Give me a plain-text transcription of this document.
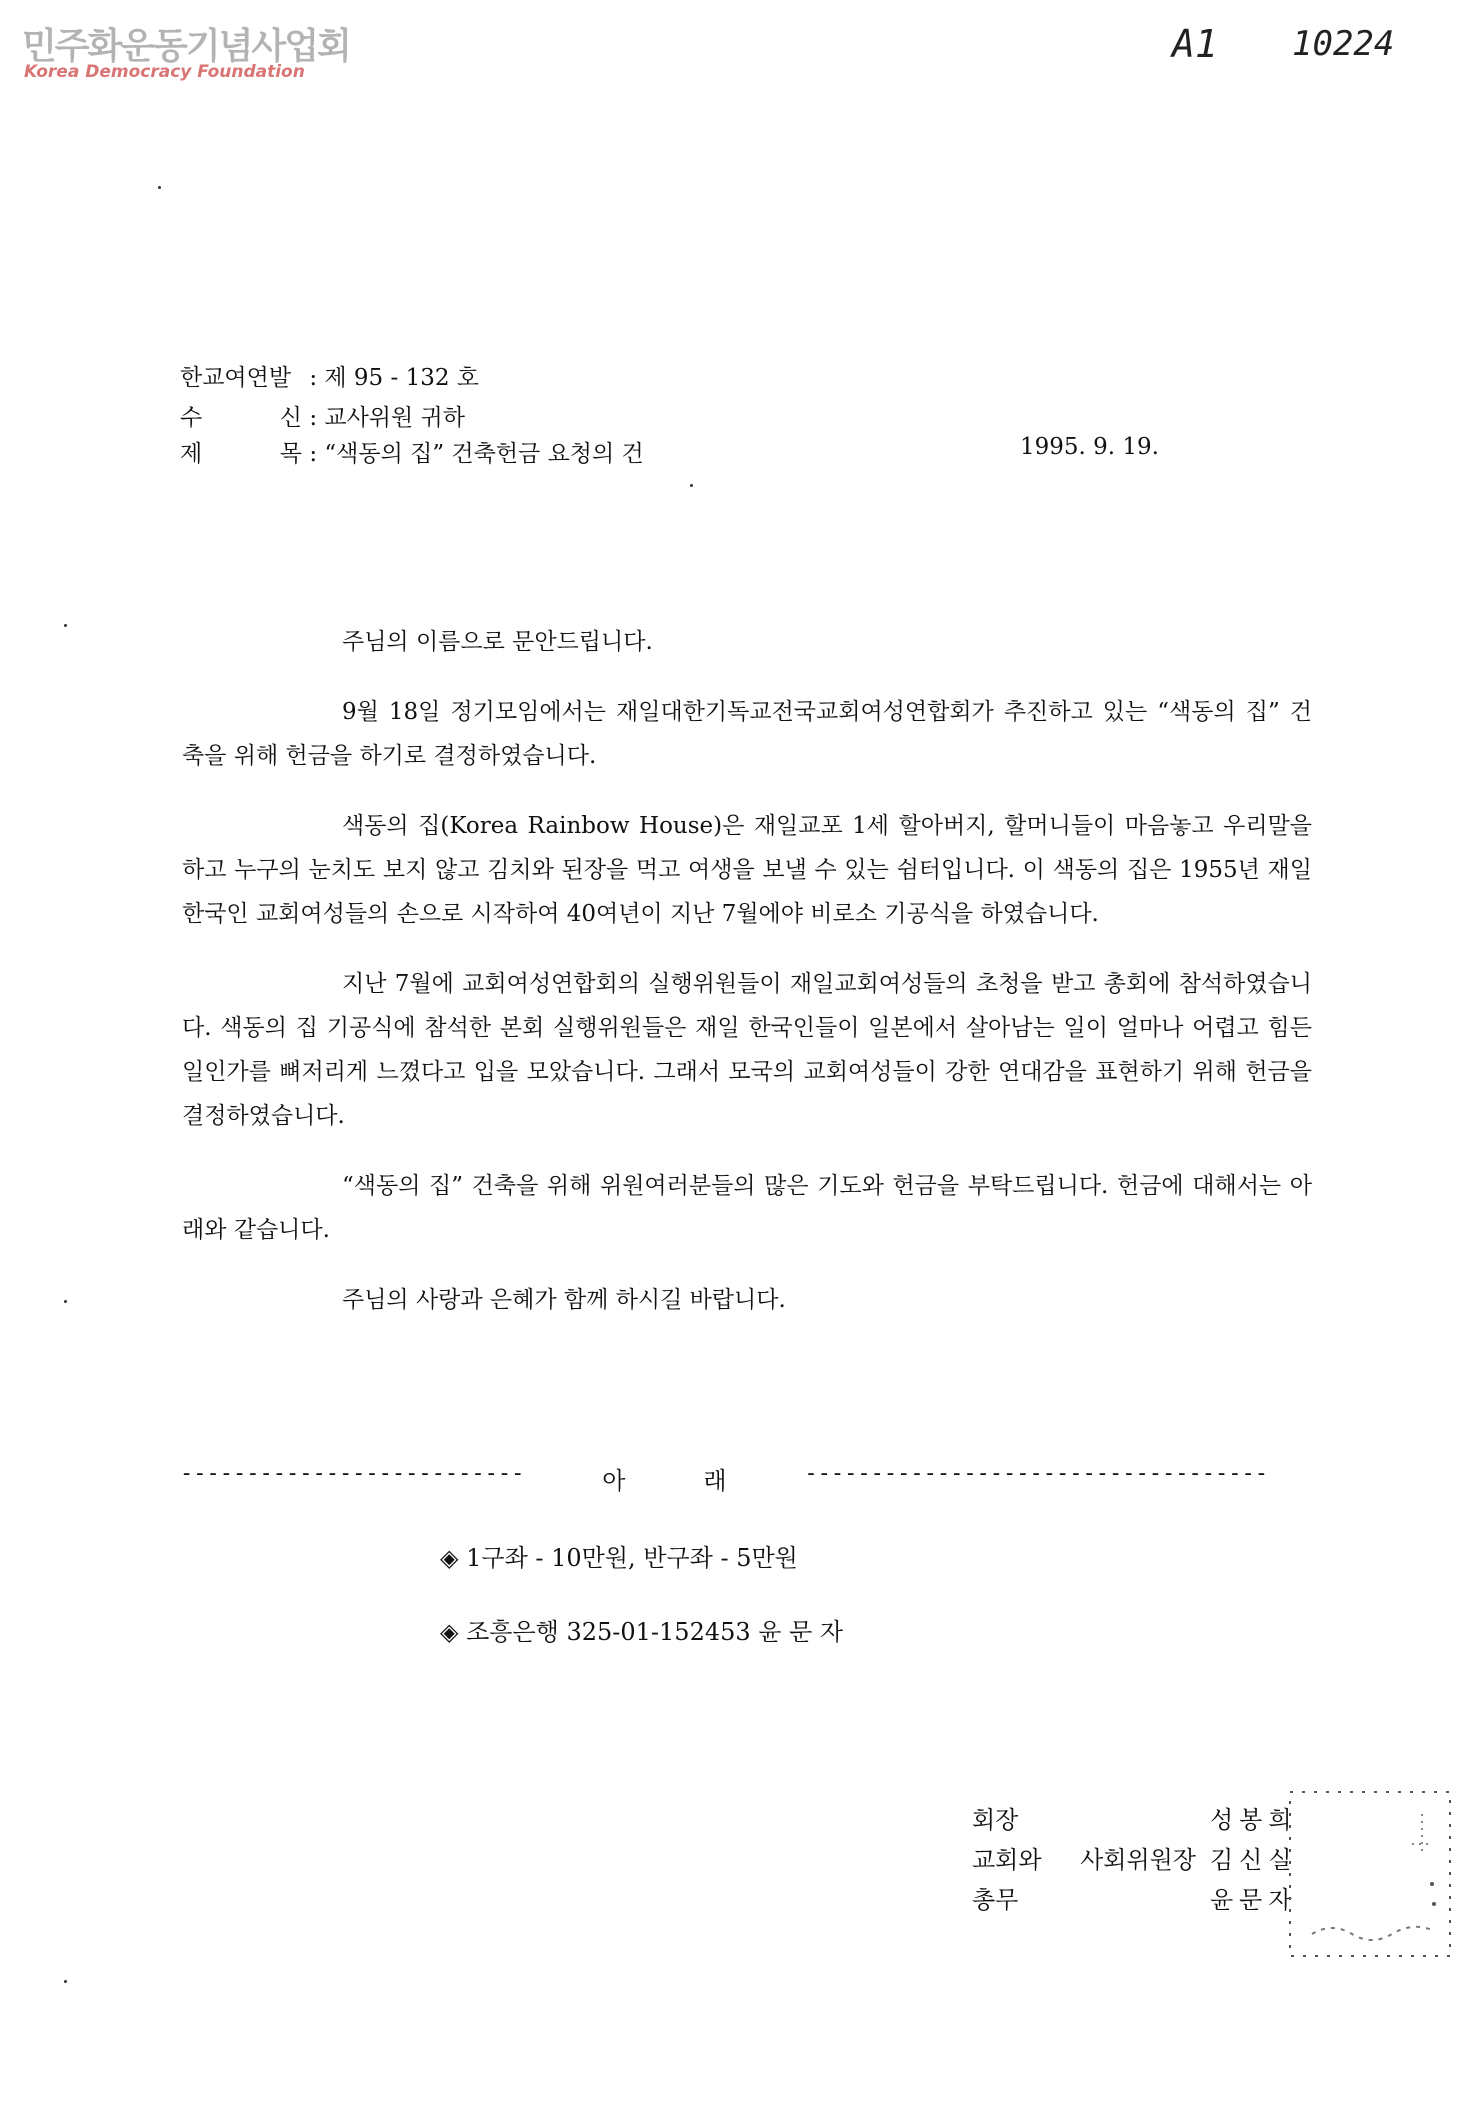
민주화운동기념사업회
Korea Democracy Foundation
A1 10224
한교여연발 : 제 95 - 132 호
수 신 : 교사위원 귀하
제 목 : “색동의 집” 건축헌금 요청의 건	1995. 9. 19.

주님의 이름으로 문안드립니다.

9월 18일 정기모임에서는 재일대한기독교전국교회여성연합회가 추진하고 있는 “색동의 집” 건축을 위해 헌금을 하기로 결정하였습니다.

색동의 집(Korea Rainbow House)은 재일교포 1세 할아버지, 할머니들이 마음놓고 우리말을 하고 누구의 눈치도 보지 않고 김치와 된장을 먹고 여생을 보낼 수 있는 쉼터입니다. 이 색동의 집은 1955년 재일 한국인 교회여성들의 손으로 시작하여 40여년이 지난 7월에야 비로소 기공식을 하였습니다.

지난 7월에 교회여성연합회의 실행위원들이 재일교회여성들의 초청을 받고 총회에 참석하였습니다. 색동의 집 기공식에 참석한 본회 실행위원들은 재일 한국인들이 일본에서 살아남는 일이 얼마나 어렵고 힘든 일인가를 뼈저리게 느꼈다고 입을 모았습니다. 그래서 모국의 교회여성들이 강한 연대감을 표현하기 위해 헌금을 결정하였습니다.

“색동의 집” 건축을 위해 위원여러분들의 많은 기도와 헌금을 부탁드립니다. 헌금에 대해서는 아래와 같습니다.

주님의 사랑과 은혜가 함께 하시길 바랍니다.

--------------------------	아	래	-----------------------------------
◈ 1구좌 - 10만원, 반구좌 - 5만원
◈ 조흥은행 325-01-152453 윤 문 자
회장	성봉희
교회와 사회위원장 김신실
총무	윤문자
